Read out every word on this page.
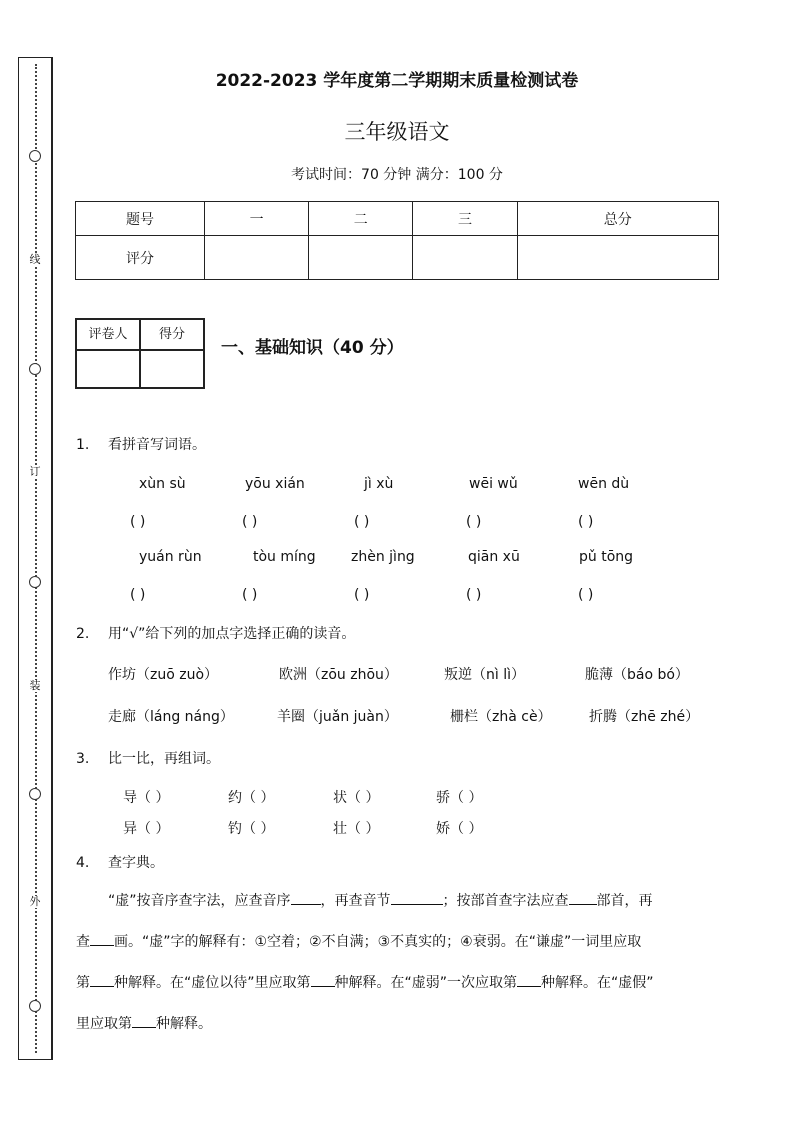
线
订
装
外
2022-2023 学年度第二学期期末质量检测试卷
三年级语文
考试时间：70 分钟 满分：100 分
题号	一	二	三	总分
评分				
评卷人	得分

一、基础知识（40 分）
1. 看拼音写词语。
xùn sù	yōu xián	jì xù	wēi wǔ	wēn dù
( )	( )	( )	( )	( )
yuán rùn	tòu míng	zhèn jìng	qiān xū	pǔ tōng
( )	( )	( )	( )	( )
2. 用“√”给下列的加点字选择正确的读音。
作坊（zuō zuò）	欧洲（zōu zhōu）	叛逆（nì lì）	脆薄（báo bó）
走廊（láng náng）	羊圈（juǎn juàn）	栅栏（zhà cè）	折腾（zhē zhé）
3. 比一比，再组词。
导（ ）	约（ ）	状（ ）	骄（ ）
异（ ）	钓（ ）	壮（ ）	娇（ ）
4. 查字典。

“虚”按音序查字法，应查音序 ，再查音节	；按部首查字法应查 部首，再

查 画。“虚”字的解释有：①空着；②不自满；③不真实的；④衰弱。在“谦虚”一词里应取

第 种解释。在“虚位以待”里应取第 种解释。在“虚弱”一次应取第 种解释。在“虚假”

里应取第 种解释。
